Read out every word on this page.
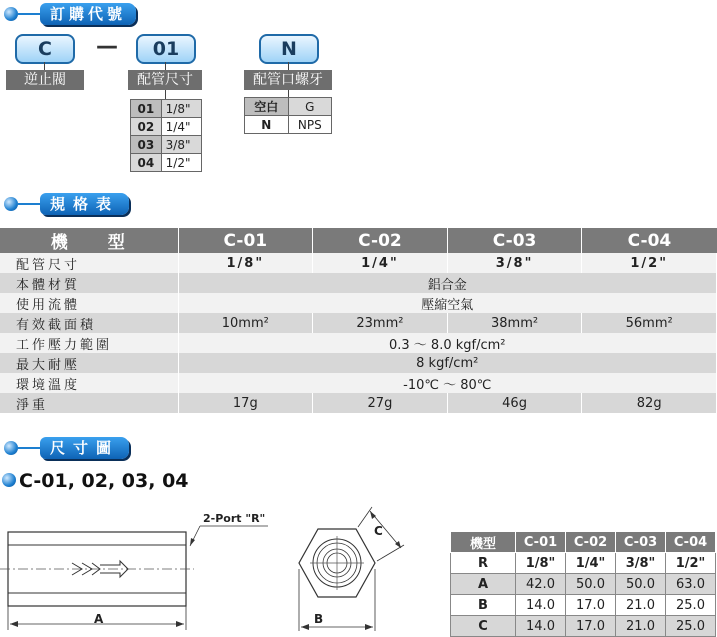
訂購代號
C	—	01	N
逆止閥	配管尺寸	配管口螺牙
01	1/8"
02	1/4"
03	3/8"
04	1/2"
空白	G
N	NPS
規格表
機　　型	C-01	C-02	C-03	C-04
配管尺寸	1/8"	1/4"	3/8"	1/2"
本體材質	鋁合金			
使用流體	壓縮空氣			
有效截面積	10mm²	23mm²	38mm²	56mm²
工作壓力範圍	0.3 ～ 8.0 kgf/cm²			
最大耐壓	8 kgf/cm²			
環境溫度	-10℃ ～ 80℃			
淨重	17g	27g	46g	82g
尺寸圖
C-01, 02, 03, 04
2-Port "R"
A	B
C
機型	C-01	C-02	C-03	C-04
R	1/8"	1/4"	3/8"	1/2"
A	42.0	50.0	50.0	63.0
B	14.0	17.0	21.0	25.0
C	14.0	17.0	21.0	25.0
